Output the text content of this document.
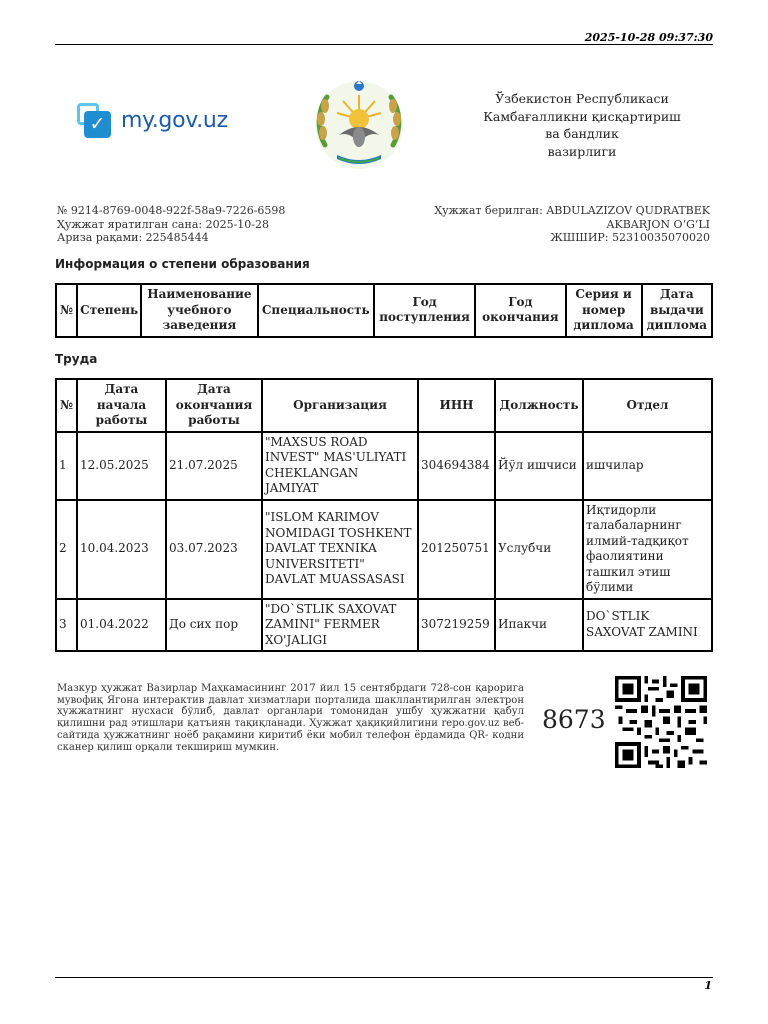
2025-10-28 09:37:30
✓ my.gov.uz
Ўзбекистон Республикаси
Камбағалликни қисқартириш
ва бандлик
вазирлиги
№ 9214-8769-0048-922f-58a9-7226-6598
Ҳужжат яратилган сана: 2025-10-28
Ариза рақами: 225485444
Ҳужжат берилган: ABDULAZIZOV QUDRATBEK
AKBARJON O‘G‘LI
ЖШШИР: 52310035070020
Информация о степени образования
№	Степень	Наименование учебного заведения	Специальность	Год поступления	Год окончания	Серия и номер диплома	Дата выдачи диплома
Труда
№	Дата начала работы	Дата окончания работы	Организация	ИНН	Должность	Отдел
1	12.05.2025	21.07.2025	"MAXSUS ROAD INVEST" MAS'ULIYATI CHEKLANGAN JAMIYAT	304694384	Йўл ишчиси	ишчилар
2	10.04.2023	03.07.2023	"ISLOM KARIMOV NOMIDAGI TOSHKENT DAVLAT TEXNIKA UNIVERSITETI" DAVLAT MUASSASASI	201250751	Услубчи	Иқтидорли талабаларнинг илмий-тадқиқот фаолиятини ташкил этиш бўлими
3	01.04.2022	До сих пор	"DO`STLIK SAXOVAT ZAMINI" FERMER XO'JALIGI	307219259	Ипакчи	DO`STLIK SAXOVAT ZAMINI
Мазкур ҳужжат Вазирлар Маҳкамасининг 2017 йил 15 сентябрдаги 728-сон қарорига мувофиқ Ягона интерактив давлат хизматлари порталида шакллантирилган электрон ҳужжатнинг нусхаси бўлиб, давлат органлари томонидан ушбу ҳужжатни қабул қилишни рад этишлари қатъиян тақиқланади. Ҳужжат ҳақиқийлигини repo.gov.uz веб-сайтида ҳужжатнинг ноёб рақамини киритиб ёки мобил телефон ёрдамида QR- кодни сканер қилиш орқали текшириш мумкин.
8673
1
